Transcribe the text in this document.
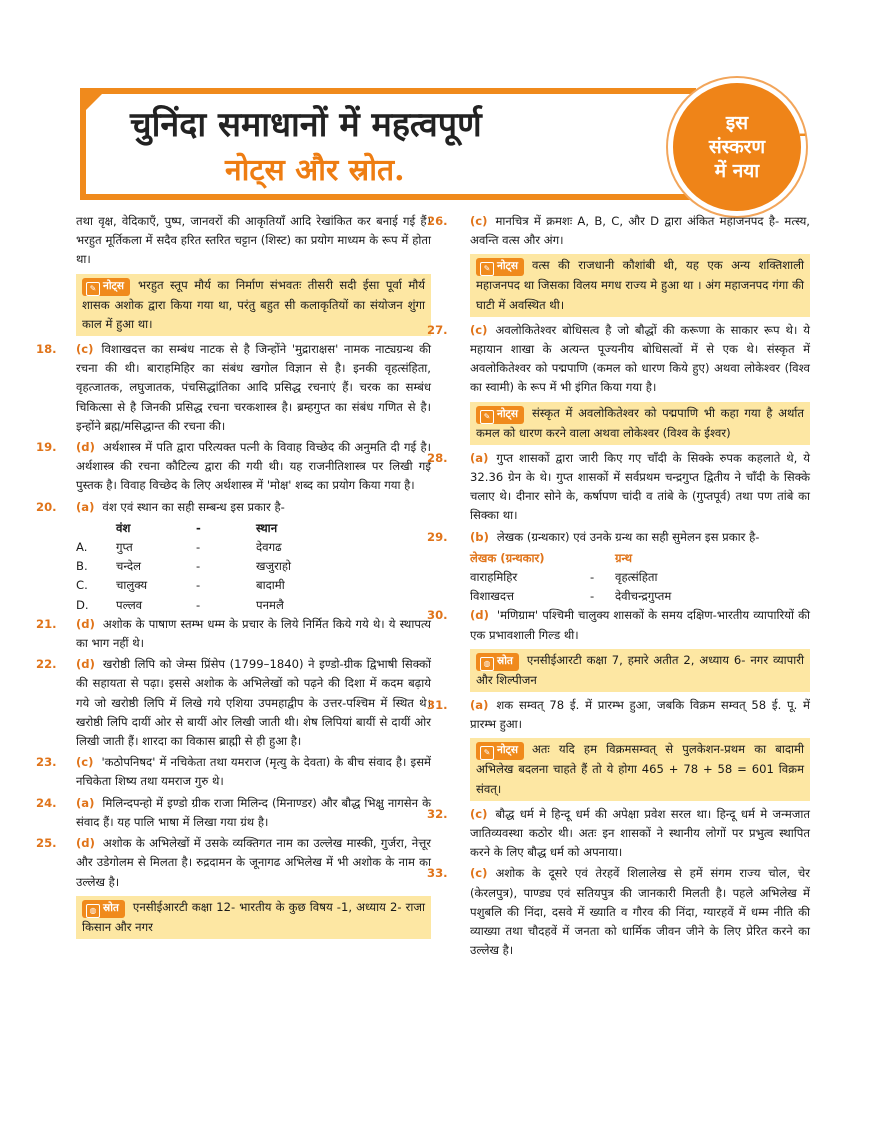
चुनिंदा समाधानों में महत्वपूर्ण
नोट्स और स्रोत.
इस
संस्करण
में नया
⁃
तथा वृक्ष, वेदिकाएँ, पुष्प, जानवरों की आकृतियाँ आदि रेखांकित कर बनाई गई हैं। भरहुत मूर्तिकला में सदैव हरित स्तरित चट्टान (शिस्ट) का प्रयोग माध्यम के रूप में होता था।
✎ नोट्स भरहुत स्तूप मौर्य का निर्माण संभवतः तीसरी सदी ईसा पूर्वा मौर्य शासक अशोक द्वारा किया गया था, परंतु बहुत सी कलाकृतियों का संयोजन शुंगा काल में हुआ था।
18. (c) विशाखदत्त का सम्बंध नाटक से है जिन्होंने 'मुद्राराक्षस' नामक नाट्यग्रन्थ की रचना की थी। बाराहमिहिर का संबंध खगोल विज्ञान से है। इनकी वृहत्संहिता, वृहत्जातक, लघुजातक, पंचसिद्धांतिका आदि प्रसिद्ध रचनाएं हैं। चरक का सम्बंध चिकित्सा से है जिनकी प्रसिद्ध रचना चरकशास्त्र है। ब्रम्हगुप्त का संबंध गणित से है। इन्होंने ब्रह्म/मसिद्धान्त की रचना की।
19. (d) अर्थशास्त्र में पति द्वारा परित्यक्त पत्नी के विवाह विच्छेद की अनुमति दी गई है। अर्थशास्त्र की रचना कौटिल्य द्वारा की गयी थी। यह राजनीतिशास्त्र पर लिखी गई पुस्तक है। विवाह विच्छेद के लिए अर्थशास्त्र में 'मोक्ष' शब्द का प्रयोग किया गया है।
20. (a) वंश एवं स्थान का सही सम्बन्ध इस प्रकार है-
वंश	-	स्थान
A.	गुप्त	-	देवगढ
B.	चन्देल	-	खजुराहो
C.	चालुक्य	-	बादामी
D.	पल्लव	-	पनमलै
21. (d) अशोक के पाषाण स्तम्भ धम्म के प्रचार के लिये निर्मित किये गये थे। ये स्थापत्य का भाग नहीं थे।
22. (d) खरोष्ठी लिपि को जेम्स प्रिंसेप (1799–1840) ने इण्डो-ग्रीक द्विभाषी सिक्कों की सहायता से पढ़ा। इससे अशोक के अभिलेखों को पढ़ने की दिशा में कदम बढ़ाये गये जो खरोष्ठी लिपि में लिखे गये एशिया उपमहाद्वीप के उत्तर-पश्चिम में स्थित थे। खरोष्ठी लिपि दायीं ओर से बायीं ओर लिखी जाती थी। शेष लिपियां बायीं से दायीं ओर लिखी जाती हैं। शारदा का विकास ब्राह्मी से ही हुआ है।
23. (c) 'कठोपनिषद' में नचिकेता तथा यमराज (मृत्यु के देवता) के बीच संवाद है। इसमें नचिकेता शिष्य तथा यमराज गुरु थे।
24. (a) मिलिन्दपन्हो में इण्डो ग्रीक राजा मिलिन्द (मिनाण्डर) और बौद्ध भिक्षु नागसेन के संवाद हैं। यह पालि भाषा में लिखा गया ग्रंथ है।
25. (d) अशोक के अभिलेखों में उसके व्यक्तिगत नाम का उल्लेख मास्की, गुर्जरा, नेत्तूर और उडेगोलम से मिलता है। रुद्रदामन के जूनागढ अभिलेख में भी अशोक के नाम का उल्लेख है।
◍ स्रोत एनसीईआरटी कक्षा 12- भारतीय के कुछ विषय -1, अध्याय 2- राजा किसान और नगर
26. (c) मानचित्र में क्रमशः A, B, C, और D द्वारा अंकित महाजनपद है- मत्स्य, अवन्ति वत्स और अंग।
✎ नोट्स वत्स की राजधानी कौशांबी थी, यह एक अन्य शक्तिशाली महाजनपद था जिसका विलय मगध राज्य मे हुआ था । अंग महाजनपद गंगा की घाटी में अवस्थित थी।
27. (c) अवलोकितेश्वर बोधिसत्व है जो बौद्धों की करूणा के साकार रूप थे। ये महायान शाखा के अत्यन्त पूज्यनीय बोधिसत्वों में से एक थे। संस्कृत में अवलोकितेश्वर को पद्मपाणि (कमल को धारण किये हुए) अथवा लोकेश्वर (विश्व का स्वामी) के रूप में भी इंगित किया गया है।
✎ नोट्स संस्कृत में अवलोकितेश्वर को पद्मपाणि भी कहा गया है अर्थात कमल को धारण करने वाला अथवा लोकेश्वर (विश्व के ईश्वर)
28. (a) गुप्त शासकों द्वारा जारी किए गए चाँदी के सिक्के रुपक कहलाते थे, ये 32.36 ग्रेन के थे। गुप्त शासकों में सर्वप्रथम चन्द्रगुप्त द्वितीय ने चाँदी के सिक्के चलाए थे। दीनार सोने के, कर्षापण चांदी व तांबे के (गुप्तपूर्व) तथा पण तांबे का सिक्का था।
29. (b) लेखक (ग्रन्थकार) एवं उनके ग्रन्थ का सही सुमेलन इस प्रकार है-
लेखक (ग्रन्थकार)	ग्रन्थ
वाराहमिहिर	-	वृहत्संहिता
विशाखदत्त	-	देवीचन्द्रगुप्तम
30. (d) 'मणिग्राम' पश्चिमी चालुक्य शासकों के समय दक्षिण-भारतीय व्यापारियों की एक प्रभावशाली गिल्ड थी।
◍ स्रोत एनसीईआरटी कक्षा 7, हमारे अतीत 2, अध्याय 6- नगर व्यापारी और शिल्पीजन
31. (a) शक सम्वत् 78 ई. में प्रारम्भ हुआ, जबकि विक्रम सम्वत् 58 ई. पू. में प्रारम्भ हुआ।
✎ नोट्स अतः यदि हम विक्रमसम्वत् से पुलकेशन-प्रथम का बादामी अभिलेख बदलना चाहते हैं तो ये होगा 465 + 78 + 58 = 601 विक्रम संवत्।
32. (c) बौद्ध धर्म मे हिन्दू धर्म की अपेक्षा प्रवेश सरल था। हिन्दू धर्म मे जन्मजात जातिव्यवस्था कठोर थी। अतः इन शासकों ने स्थानीय लोगों पर प्रभुत्व स्थापित करने के लिए बौद्ध धर्म को अपनाया।
33. (c) अशोक के दूसरे एवं तेरहवें शिलालेख से हमें संगम राज्य चोल, चेर (केरलपुत्र), पाण्ड्य एवं सतियपुत्र की जानकारी मिलती है। पहले अभिलेख में पशुबलि की निंदा, दसवे में ख्याति व गौरव की निंदा, ग्यारहवें में धम्म नीति की व्याख्या तथा चौदहवें में जनता को धार्मिक जीवन जीने के लिए प्रेरित करने का उल्लेख है।
